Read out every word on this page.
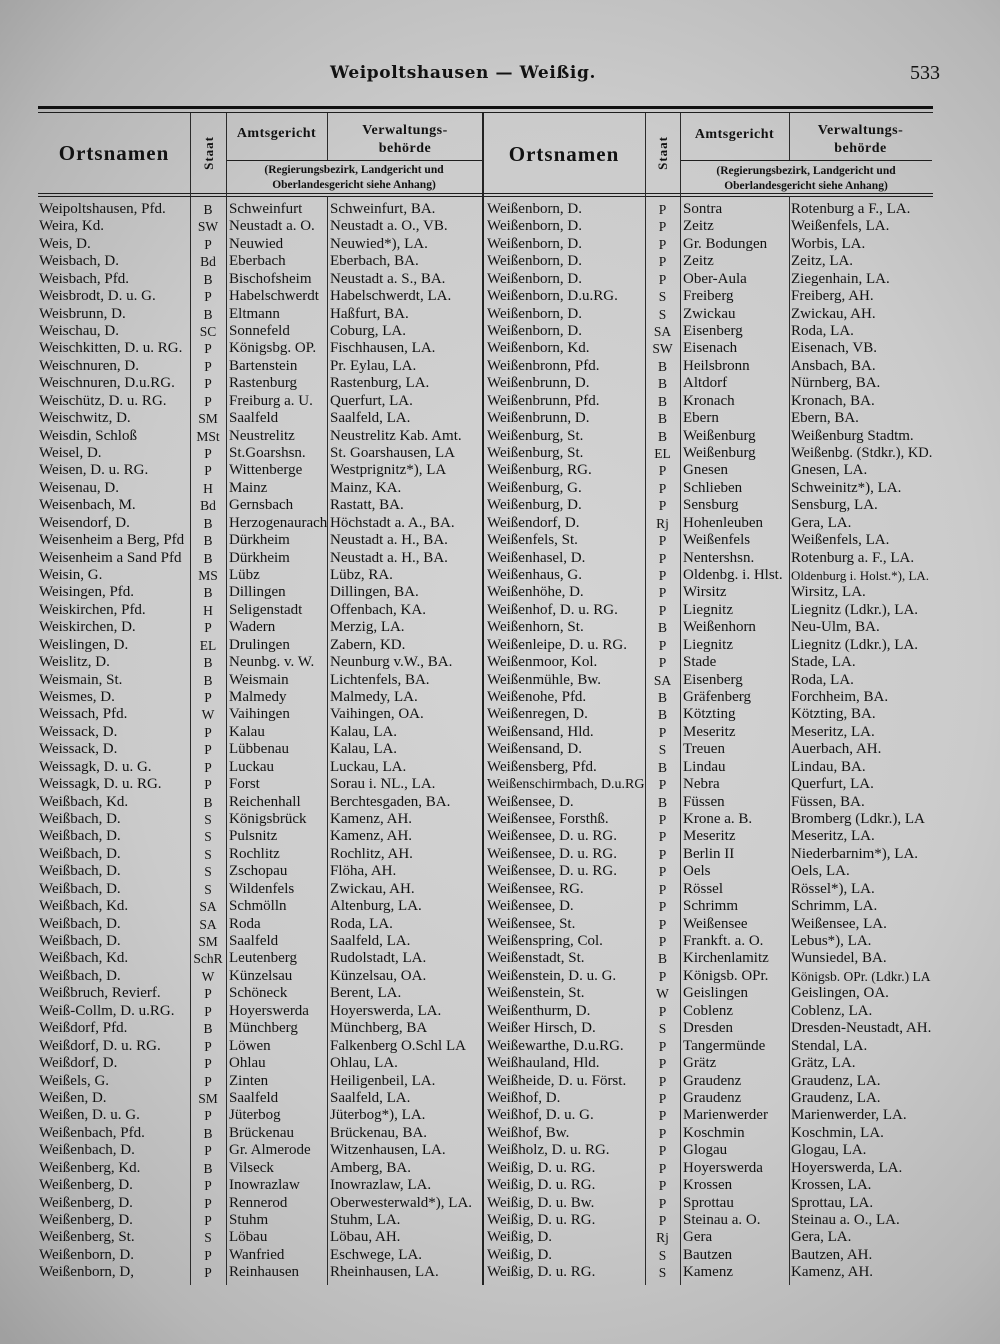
Weipoltshausen — Weißig.	533
Ortsnamen	Staat
Amtsgericht	Verwaltungs-
behörde
(Regierungsbezirk, Landgericht und
Oberlandesgericht siehe Anhang)
Ortsnamen	Staat
Amtsgericht	Verwaltungs-
behörde
(Regierungsbezirk, Landgericht und
Oberlandesgericht siehe Anhang)
Weipoltshausen, Pfd.	B	Schweinfurt	Schweinfurt, BA.
Weira, Kd.	SW Neustadt a. O.	Neustadt a. O., VB.
Weis, D.	P	Neuwied	Neuwied*), LA.
Weisbach, D.	Bd Eberbach	Eberbach, BA.
Weisbach, Pfd.	B	Bischofsheim	Neustadt a. S., BA.
Weisbrodt, D. u. G.	P	Habelschwerdt Habelschwerdt, LA.
Weisbrunn, D.	B	Eltmann	Haßfurt, BA.
Weischau, D.	SC Sonnefeld	Coburg, LA.
Weischkitten, D. u. RG.	P	Königsbg. OP. Fischhausen, LA.
Weischnuren, D.	P	Bartenstein	Pr. Eylau, LA.
Weischnuren, D.u.RG.	P	Rastenburg	Rastenburg, LA.
Weischütz, D. u. RG.	P	Freiburg a. U.	Querfurt, LA.
Weischwitz, D.	SM Saalfeld	Saalfeld, LA.
Weisdin, Schloß	MSt Neustrelitz	Neustrelitz Kab. Amt.
Weisel, D.	P	St.Goarshsn.	St. Goarshausen, LA
Weisen, D. u. RG.	P	Wittenberge	Westprignitz*), LA
Weisenau, D.	H	Mainz	Mainz, KA.
Weisenbach, M.	Bd Gernsbach	Rastatt, BA.
Weisendorf, D.	B	Herzogenaurach Höchstadt a. A., BA.
Weisenheim a Berg, Pfd	B	Dürkheim	Neustadt a. H., BA.
Weisenheim a Sand Pfd	B	Dürkheim	Neustadt a. H., BA.
Weisin, G.	MS Lübz	Lübz, RA.
Weisingen, Pfd.	B	Dillingen	Dillingen, BA.
Weiskirchen, Pfd.	H	Seligenstadt	Offenbach, KA.
Weiskirchen, D.	P	Wadern	Merzig, LA.
Weislingen, D.	EL Drulingen	Zabern, KD.
Weislitz, D.	B	Neunbg. v. W.	Neunburg v.W., BA.
Weismain, St.	B	Weismain	Lichtenfels, BA.
Weismes, D.	P	Malmedy	Malmedy, LA.
Weissach, Pfd.	W Vaihingen	Vaihingen, OA.
Weissack, D.	P	Kalau	Kalau, LA.
Weissack, D.	P	Lübbenau	Kalau, LA.
Weissagk, D. u. G.	P	Luckau	Luckau, LA.
Weissagk, D. u. RG.	P	Forst	Sorau i. NL., LA.
Weißbach, Kd.	B	Reichenhall	Berchtesgaden, BA.
Weißbach, D.	S	Königsbrück	Kamenz, AH.
Weißbach, D.	S	Pulsnitz	Kamenz, AH.
Weißbach, D.	S	Rochlitz	Rochlitz, AH.
Weißbach, D.	S	Zschopau	Flöha, AH.
Weißbach, D.	S	Wildenfels	Zwickau, AH.
Weißbach, Kd.	SA Schmölln	Altenburg, LA.
Weißbach, D.	SA Roda	Roda, LA.
Weißbach, D.	SM Saalfeld	Saalfeld, LA.
Weißbach, Kd.	SchR Leutenberg	Rudolstadt, LA.
Weißbach, D.	W Künzelsau	Künzelsau, OA.
Weißbruch, Revierf.	P	Schöneck	Berent, LA.
Weiß-Collm, D. u.RG.	P	Hoyerswerda	Hoyerswerda, LA.
Weißdorf, Pfd.	B	Münchberg	Münchberg, BA
Weißdorf, D. u. RG.	P	Löwen	Falkenberg O.Schl LA
Weißdorf, D.	P	Ohlau	Ohlau, LA.
Weißels, G.	P	Zinten	Heiligenbeil, LA.
Weißen, D.	SM Saalfeld	Saalfeld, LA.
Weißen, D. u. G.	P	Jüterbog	Jüterbog*), LA.
Weißenbach, Pfd.	B	Brückenau	Brückenau, BA.
Weißenbach, D.	P	Gr. Almerode	Witzenhausen, LA.
Weißenberg, Kd.	B	Vilseck	Amberg, BA.
Weißenberg, D.	P	Inowrazlaw	Inowrazlaw, LA.
Weißenberg, D.	P	Rennerod	Oberwesterwald*), LA.
Weißenberg, D.	P	Stuhm	Stuhm, LA.
Weißenberg, St.	S	Löbau	Löbau, AH.
Weißenborn, D.	P	Wanfried	Eschwege, LA.
Weißenborn, D,	P	Reinhausen	Rheinhausen, LA.
Weißenborn, D.	P	Sontra	Rotenburg a F., LA.
Weißenborn, D.	P	Zeitz	Weißenfels, LA.
Weißenborn, D.	P	Gr. Bodungen	Worbis, LA.
Weißenborn, D.	P	Zeitz	Zeitz, LA.
Weißenborn, D.	P	Ober-Aula	Ziegenhain, LA.
Weißenborn, D.u.RG.	S	Freiberg	Freiberg, AH.
Weißenborn, D.	S	Zwickau	Zwickau, AH.
Weißenborn, D.	SA Eisenberg	Roda, LA.
Weißenborn, Kd.	SW Eisenach	Eisenach, VB.
Weißenbronn, Pfd.	B	Heilsbronn	Ansbach, BA.
Weißenbrunn, D.	B	Altdorf	Nürnberg, BA.
Weißenbrunn, Pfd.	B	Kronach	Kronach, BA.
Weißenbrunn, D.	B	Ebern	Ebern, BA.
Weißenburg, St.	B	Weißenburg	Weißenburg Stadtm.
Weißenburg, St.	EL Weißenburg	Weißenbg. (Stdkr.), KD.
Weißenburg, RG.	P	Gnesen	Gnesen, LA.
Weißenburg, G.	P	Schlieben	Schweinitz*), LA.
Weißenburg, D.	P	Sensburg	Sensburg, LA.
Weißendorf, D.	Rj Hohenleuben	Gera, LA.
Weißenfels, St.	P	Weißenfels	Weißenfels, LA.
Weißenhasel, D.	P	Nentershsn.	Rotenburg a. F., LA.
Weißenhaus, G.	P	Oldenbg. i. Hlst. Oldenburg i. Holst.*), LA.
Weißenhöhe, D.	P	Wirsitz	Wirsitz, LA.
Weißenhof, D. u. RG.	P	Liegnitz	Liegnitz (Ldkr.), LA.
Weißenhorn, St.	B	Weißenhorn	Neu-Ulm, BA.
Weißenleipe, D. u. RG.	P	Liegnitz	Liegnitz (Ldkr.), LA.
Weißenmoor, Kol.	P	Stade	Stade, LA.
Weißenmühle, Bw.	SA Eisenberg	Roda, LA.
Weißenohe, Pfd.	B	Gräfenberg	Forchheim, BA.
Weißenregen, D.	B	Kötzting	Kötzting, BA.
Weißensand, Hld.	P	Meseritz	Meseritz, LA.
Weißensand, D.	S	Treuen	Auerbach, AH.
Weißensberg, Pfd.	B	Lindau	Lindau, BA.
Weißenschirmbach, D.u.RG	P	Nebra	Querfurt, LA.
Weißensee, D.	B	Füssen	Füssen, BA.
Weißensee, Forsthß.	P	Krone a. B.	Bromberg (Ldkr.), LA
Weißensee, D. u. RG.	P	Meseritz	Meseritz, LA.
Weißensee, D. u. RG.	P	Berlin II	Niederbarnim*), LA.
Weißensee, D. u. RG.	P	Oels	Oels, LA.
Weißensee, RG.	P	Rössel	Rössel*), LA.
Weißensee, D.	P	Schrimm	Schrimm, LA.
Weißensee, St.	P	Weißensee	Weißensee, LA.
Weißenspring, Col.	P	Frankft. a. O.	Lebus*), LA.
Weißenstadt, St.	B	Kirchenlamitz	Wunsiedel, BA.
Weißenstein, D. u. G.	P	Königsb. OPr.	Königsb. OPr. (Ldkr.) LA
Weißenstein, St.	W Geislingen	Geislingen, OA.
Weißenthurm, D.	P	Coblenz	Coblenz, LA.
Weißer Hirsch, D.	S	Dresden	Dresden-Neustadt, AH.
Weißewarthe, D.u.RG.	P	Tangermünde	Stendal, LA.
Weißhauland, Hld.	P	Grätz	Grätz, LA.
Weißheide, D. u. Först.	P	Graudenz	Graudenz, LA.
Weißhof, D.	P	Graudenz	Graudenz, LA.
Weißhof, D. u. G.	P	Marienwerder	Marienwerder, LA.
Weißhof, Bw.	P	Koschmin	Koschmin, LA.
Weißholz, D. u. RG.	P	Glogau	Glogau, LA.
Weißig, D. u. RG.	P	Hoyerswerda	Hoyerswerda, LA.
Weißig, D. u. RG.	P	Krossen	Krossen, LA.
Weißig, D. u. Bw.	P	Sprottau	Sprottau, LA.
Weißig, D. u. RG.	P	Steinau a. O.	Steinau a. O., LA.
Weißig, D.	Rj Gera	Gera, LA.
Weißig, D.	S	Bautzen	Bautzen, AH.
Weißig, D. u. RG.	S	Kamenz	Kamenz, AH.
